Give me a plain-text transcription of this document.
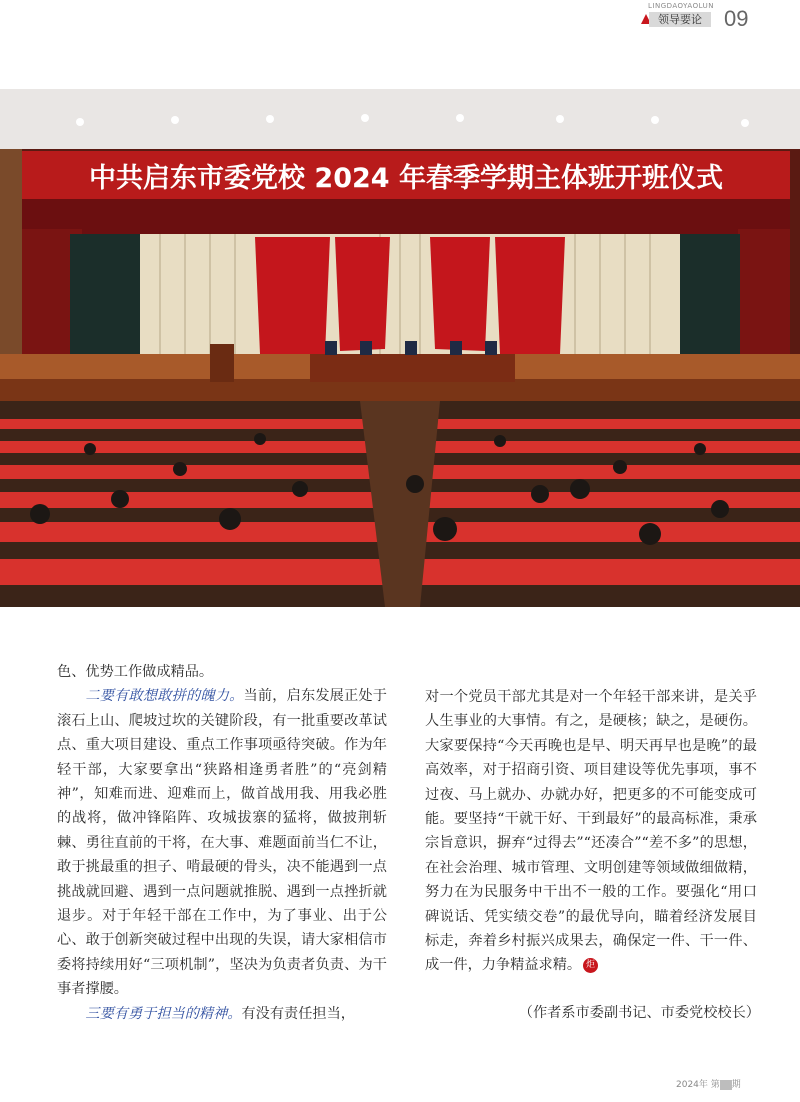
LINGDAOYAOLUN
领导要论	09
中共启东市委党校 2024 年春季学期主体班开班仪式

色、优势工作做成精品。

二要有敢想敢拼的魄力。当前，启东发展正处于滚石上山、爬坡过坎的关键阶段，有一批重要改革试点、重大项目建设、重点工作事项亟待突破。作为年轻干部，大家要拿出“狭路相逢勇者胜”的“亮剑精神”，知难而进、迎难而上，做首战用我、用我必胜的战将，做冲锋陷阵、攻城拔寨的猛将，做披荆斩棘、勇往直前的干将，在大事、难题面前当仁不让，敢于挑最重的担子、啃最硬的骨头，决不能遇到一点挑战就回避、遇到一点问题就推脱、遇到一点挫折就退步。对于年轻干部在工作中，为了事业、出于公心、敢于创新突破过程中出现的失误，请大家相信市委将持续用好“三项机制”，坚决为负责者负责、为干事者撑腰。

三要有勇于担当的精神。有没有责任担当，

对一个党员干部尤其是对一个年轻干部来讲，是关乎人生事业的大事情。有之，是硬核；缺之，是硬伤。大家要保持“今天再晚也是早、明天再早也是晚”的最高效率，对于招商引资、项目建设等优先事项，事不过夜、马上就办、办就办好，把更多的不可能变成可能。要坚持“干就干好、干到最好”的最高标准，秉承宗旨意识，摒弃“过得去”“还凑合”“差不多”的思想，在社会治理、城市管理、文明创建等领域做细做精，努力在为民服务中干出不一般的工作。要强化“用口碑说话、凭实绩交卷”的最优导向，瞄着经济发展目标走，奔着乡村振兴成果去，确保定一件、干一件、成一件，力争精益求精。 炬

（作者系市委副书记、市委党校校长）
2024年 第 期
